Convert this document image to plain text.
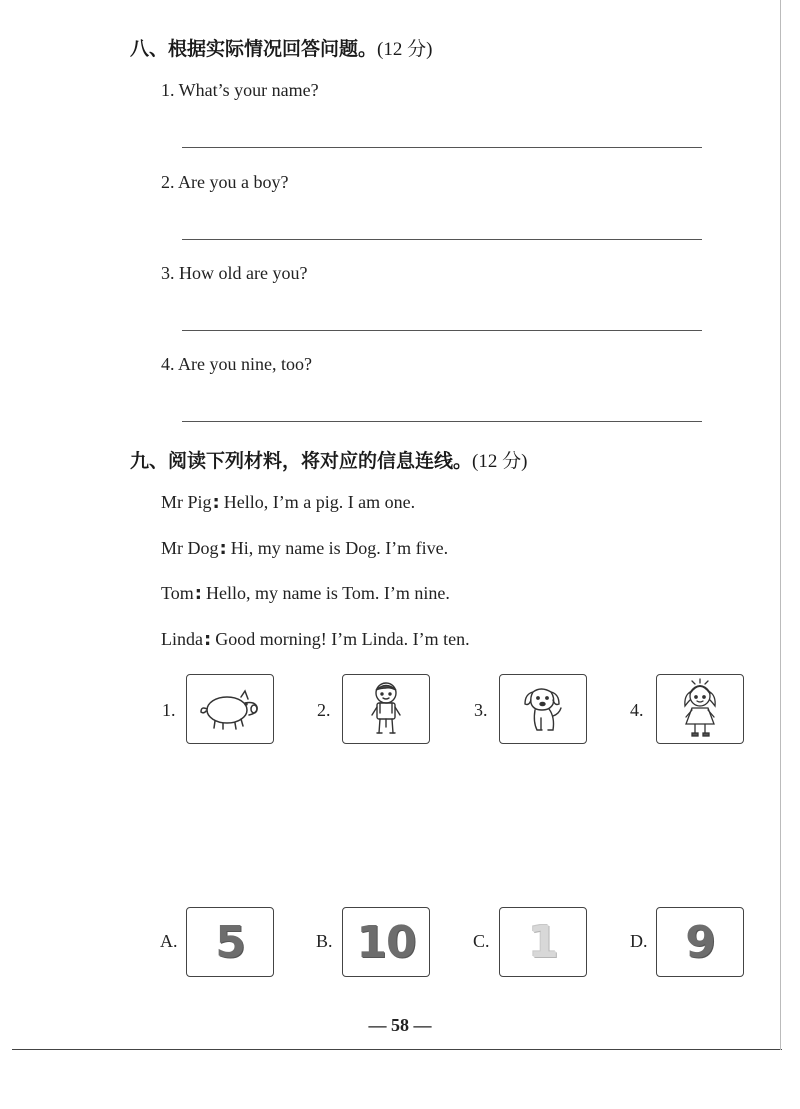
八、根据实际情况回答问题。(12 分)
1. What’s your name?
2. Are you a boy?
3. How old are you?
4. Are you nine, too?
九、阅读下列材料，将对应的信息连线。(12 分)
Mr Pig: Hello, I’m a pig. I am one.
Mr Dog: Hi, my name is Dog. I’m five.
Tom: Hello, my name is Tom. I’m nine.
Linda: Good morning! I’m Linda. I’m ten.
1.	2.	3.	4.
A. 5	B. 10	C. 1	D. 9
— 58 —
